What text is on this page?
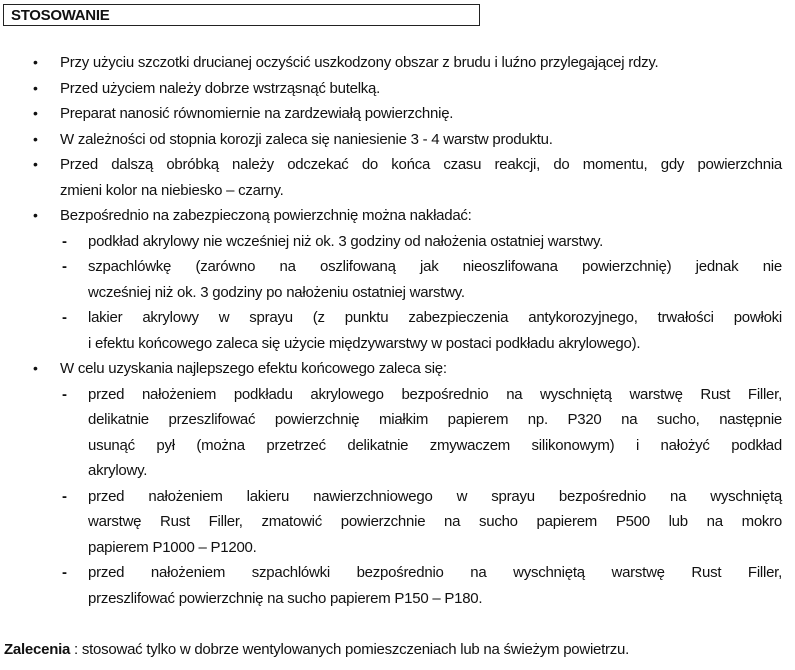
STOSOWANIE
• Przy użyciu szczotki drucianej oczyścić uszkodzony obszar z brudu i luźno przylegającej rdzy.
• Przed użyciem należy dobrze wstrząsnąć butelką.
• Preparat nanosić równomiernie na zardzewiałą powierzchnię.
• W zależności od stopnia korozji zaleca się naniesienie 3 - 4 warstw produktu.
• Przed dalszą obróbką należy odczekać do końca czasu reakcji, do momentu, gdy powierzchnia
zmieni kolor na niebiesko – czarny.
• Bezpośrednio na zabezpieczoną powierzchnię można nakładać:
- podkład akrylowy nie wcześniej niż ok. 3 godziny od nałożenia ostatniej warstwy.
- szpachlówkę (zarówno na oszlifowaną jak nieoszlifowana powierzchnię) jednak nie
wcześniej niż ok. 3 godziny po nałożeniu ostatniej warstwy.
- lakier akrylowy w sprayu (z punktu zabezpieczenia antykorozyjnego, trwałości powłoki
i efektu końcowego zaleca się użycie międzywarstwy w postaci podkładu akrylowego).
• W celu uzyskania najlepszego efektu końcowego zaleca się:
- przed nałożeniem podkładu akrylowego bezpośrednio na wyschniętą warstwę Rust Filler,
delikatnie przeszlifować powierzchnię miałkim papierem np. P320 na sucho, następnie
usunąć pył (można przetrzeć delikatnie zmywaczem silikonowym) i nałożyć podkład
akrylowy.
- przed nałożeniem lakieru nawierzchniowego w sprayu bezpośrednio na wyschniętą
warstwę Rust Filler, zmatowić powierzchnie na sucho papierem P500 lub na mokro
papierem P1000 – P1200.
- przed nałożeniem szpachlówki bezpośrednio na wyschniętą warstwę Rust Filler,
przeszlifować powierzchnię na sucho papierem P150 – P180.
Zalecenia : stosować tylko w dobrze wentylowanych pomieszczeniach lub na świeżym powietrzu.
